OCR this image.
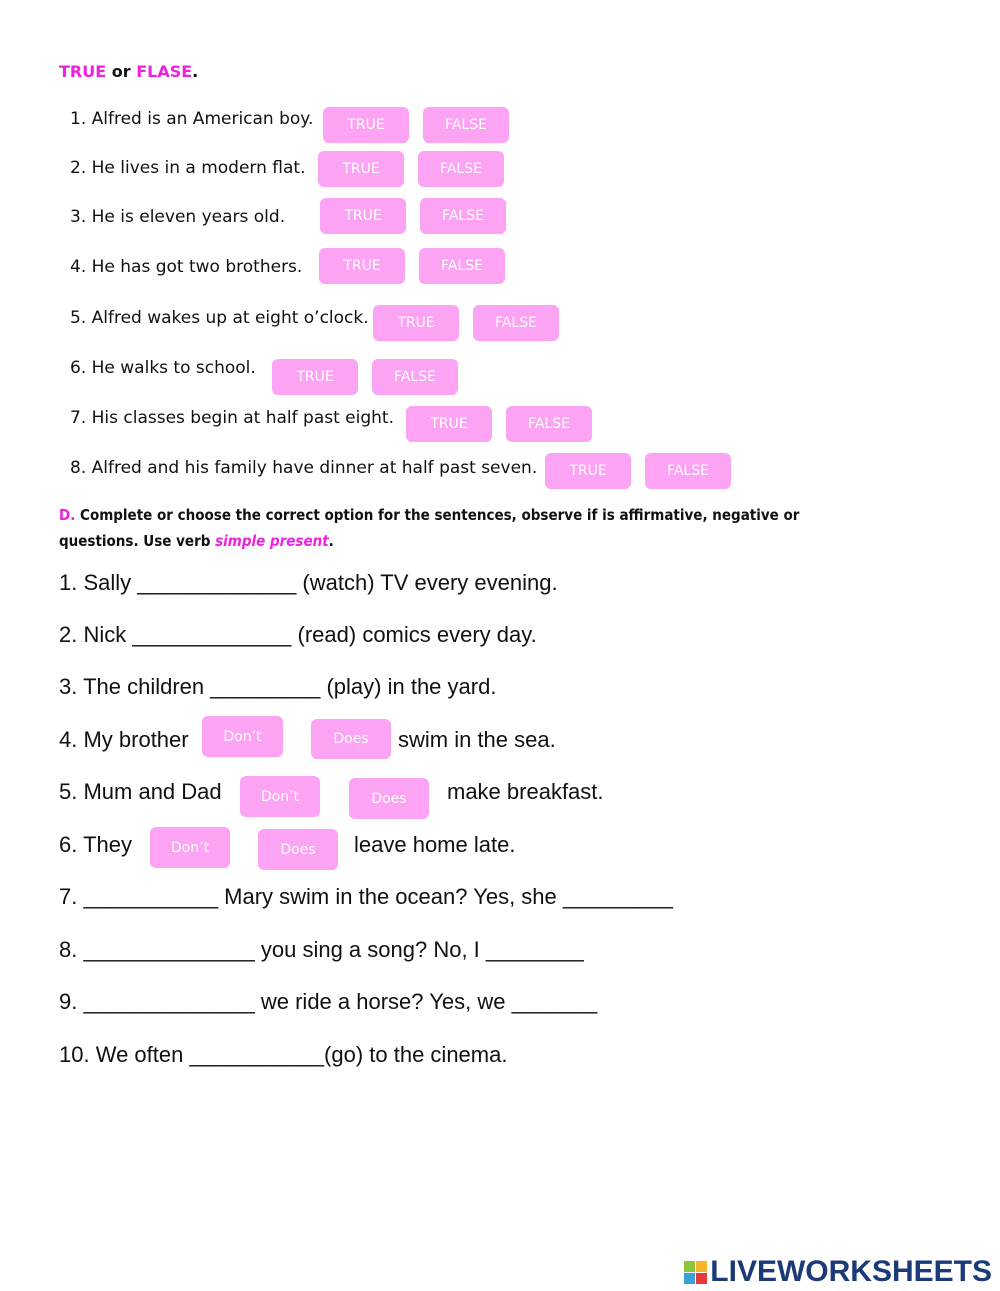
TRUE or FLASE.
1. Alfred is an American boy.	TRUE	FALSE
2. He lives in a modern flat.	TRUE	FALSE
3. He is eleven years old.	TRUE	FALSE
4. He has got two brothers.	TRUE	FALSE
5. Alfred wakes up at eight o’clock.	TRUE	FALSE
6. He walks to school.	TRUE	FALSE
7. His classes begin at half past eight.	TRUE	FALSE
8. Alfred and his family have dinner at half past seven.	TRUE	FALSE
D. Complete or choose the correct option for the sentences, observe if is affirmative, negative or
questions. Use verb simple present.
1. Sally _____________ (watch) TV every evening.
2. Nick _____________ (read) comics every day.
3. The children _________ (play) in the yard.
4. My brother	Don’t	Does	swim in the sea.
5. Mum and Dad	Don’t	Does	make breakfast.
6. They	Don’t	Does	leave home late.
7. ___________ Mary swim in the ocean? Yes, she _________
8. ______________ you sing a song? No, I ________
9. ______________ we ride a horse? Yes, we _______
10. We often ___________(go) to the cinema.
LIVEWORKSHEETS
